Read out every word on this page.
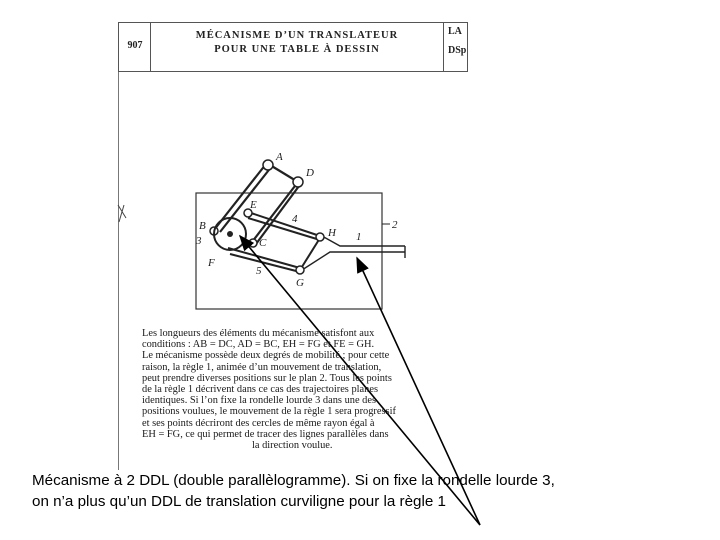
907
MÉCANISME D’UN TRANSLATEUR
POUR UNE TABLE À DESSIN
LA
DSp
A
D
E
B
C
F
G
H
4
5
3	1
2
Les longueurs des éléments du mécanisme satisfont aux
conditions : AB = DC, AD = BC, EH = FG et FE = GH.
Le mécanisme possède deux degrés de mobilité ; pour cette
raison, la règle 1, animée d’un mouvement de translation,
peut prendre diverses positions sur le plan 2. Tous les points
de la règle 1 décrivent dans ce cas des trajectoires planes
identiques. Si l’on fixe la rondelle lourde 3 dans une des
positions voulues, le mouvement de la règle 1 sera progressif
et ses points décriront des cercles de même rayon égal à
EH = FG, ce qui permet de tracer des lignes parallèles dans
la direction voulue.
Mécanisme à 2 DDL (double parallèlogramme). Si on fixe la rondelle lourde 3,
on n’a plus qu’un DDL de translation curviligne pour la règle 1
